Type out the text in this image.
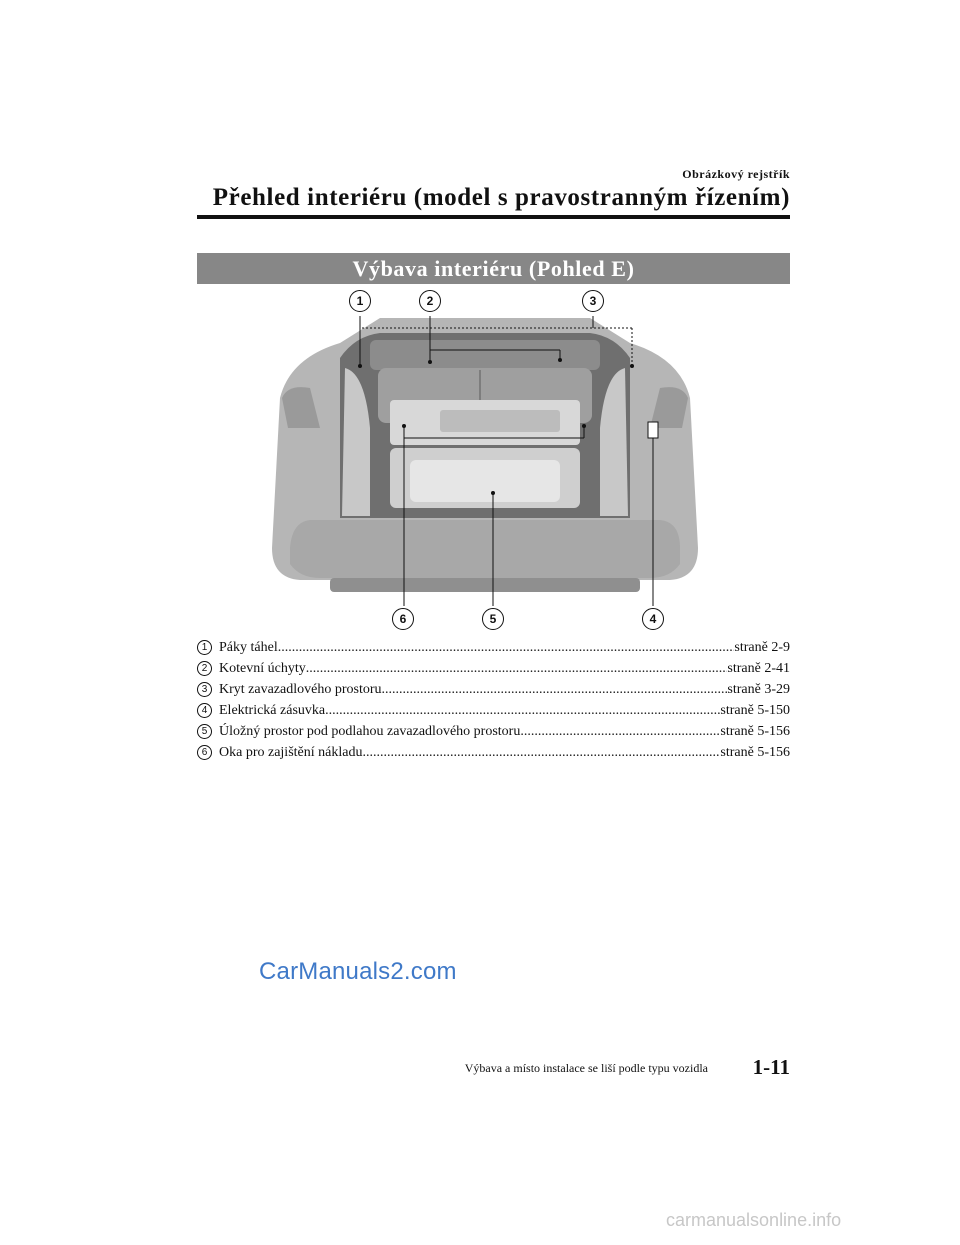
Obrázkový rejstřík
Přehled interiéru (model s pravostranným řízením)
Výbava interiéru (Pohled E)
1	2	3
6	5	4
1 Páky táhel .....	straně 2-9
2 Kotevní úchyty .....	straně 2-41
3 Kryt zavazadlového prostoru .....	straně 3-29
4 Elektrická zásuvka .....	straně 5-150
5 Úložný prostor pod podlahou zavazadlového prostoru .....	straně 5-156
6 Oka pro zajištění nákladu .....	straně 5-156
CarManuals2.com
Výbava a místo instalace se liší podle typu vozidla 1-11
carmanualsonline.info
